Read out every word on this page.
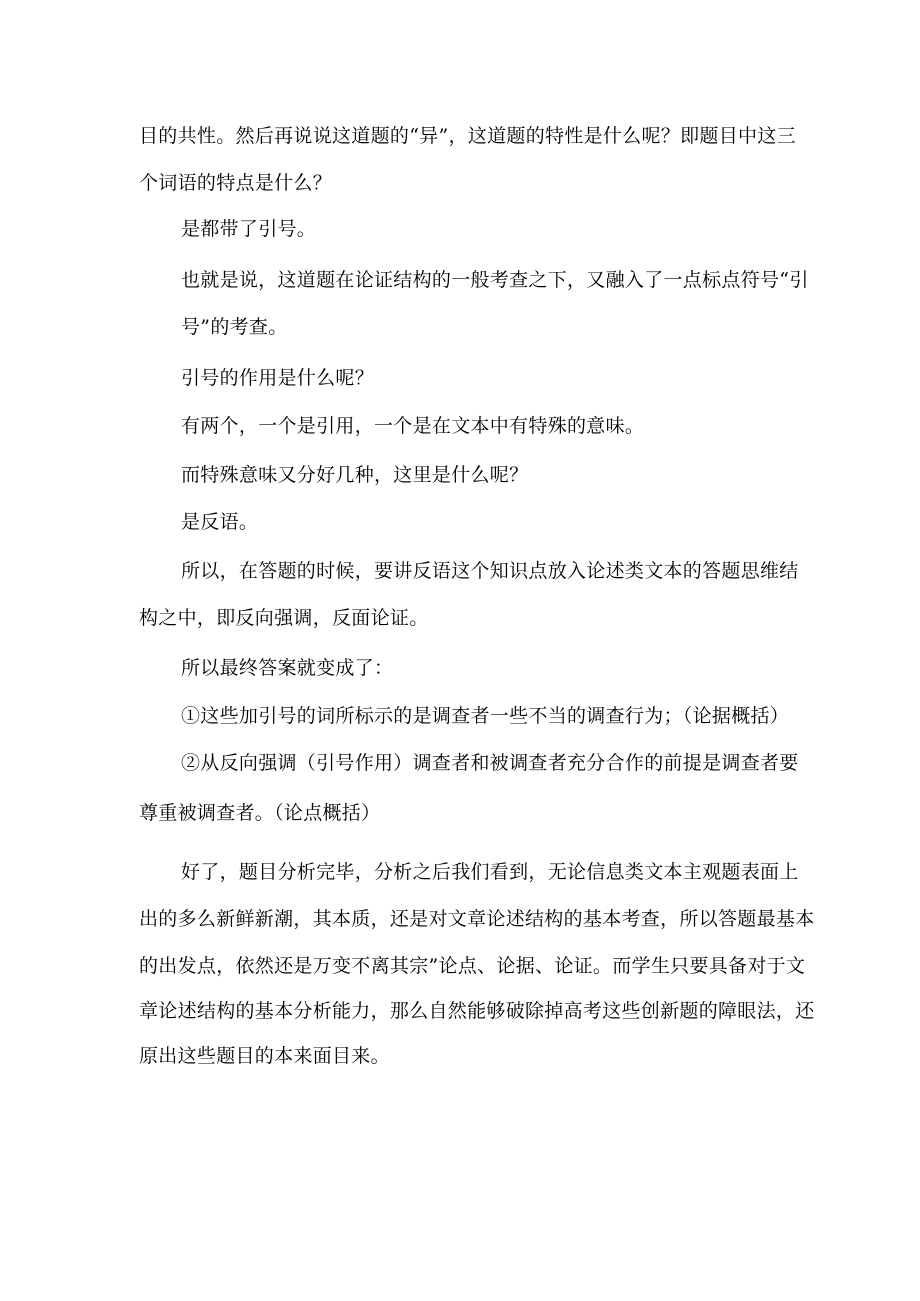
目的共性。然后再说说这道题的“异”，这道题的特性是什么呢？即题目中这三
个词语的特点是什么？
是都带了引号。
也就是说，这道题在论证结构的一般考查之下，又融入了一点标点符号“引
号”的考查。
引号的作用是什么呢？
有两个，一个是引用，一个是在文本中有特殊的意味。
而特殊意味又分好几种，这里是什么呢？
是反语。
所以，在答题的时候，要讲反语这个知识点放入论述类文本的答题思维结
构之中，即反向强调，反面论证。
所以最终答案就变成了：
①这些加引号的词所标示的是调查者一些不当的调查行为；（论据概括）
②从反向强调（引号作用）调查者和被调查者充分合作的前提是调查者要
尊重被调查者。（论点概括）
好了，题目分析完毕，分析之后我们看到，无论信息类文本主观题表面上
出的多么新鲜新潮，其本质，还是对文章论述结构的基本考查，所以答题最基本
的出发点，依然还是万变不离其宗”论点、论据、论证。而学生只要具备对于文
章论述结构的基本分析能力，那么自然能够破除掉高考这些创新题的障眼法，还
原出这些题目的本来面目来。
